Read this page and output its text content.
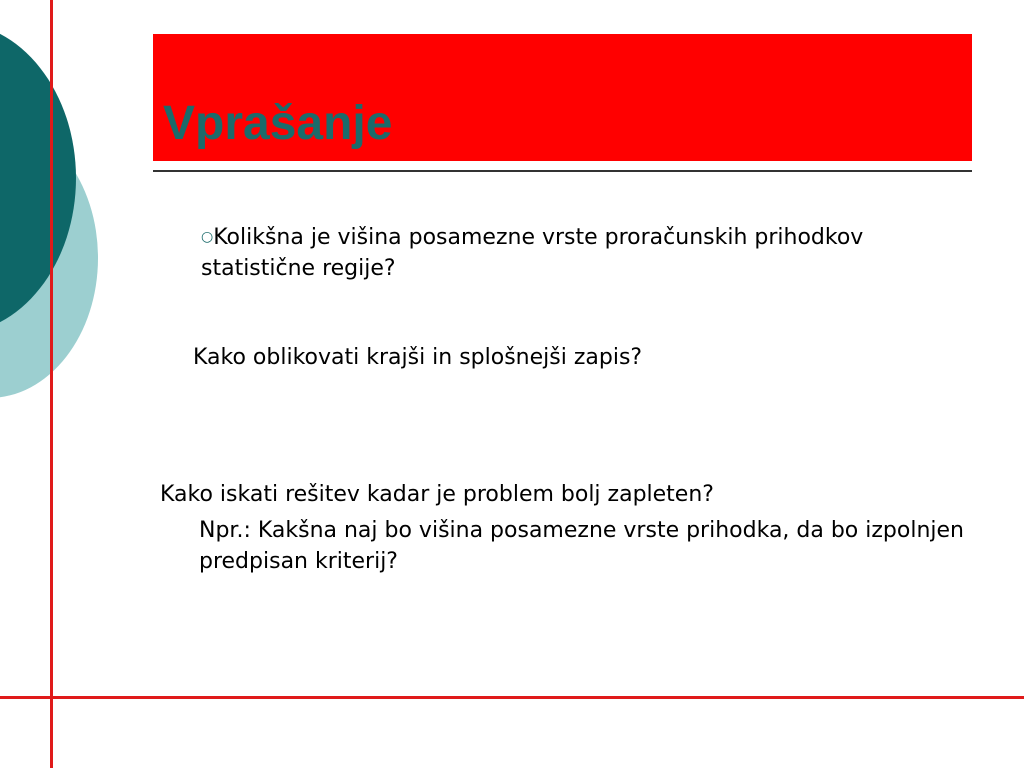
Vprašanje

○Kolikšna je višina posamezne vrste proračunskih prihodkov statistične regije?

Kako oblikovati krajši in splošnejši zapis?

Kako iskati rešitev kadar je problem bolj zapleten?

Npr.: Kakšna naj bo višina posamezne vrste prihodka, da bo izpolnjen predpisan kriterij?
